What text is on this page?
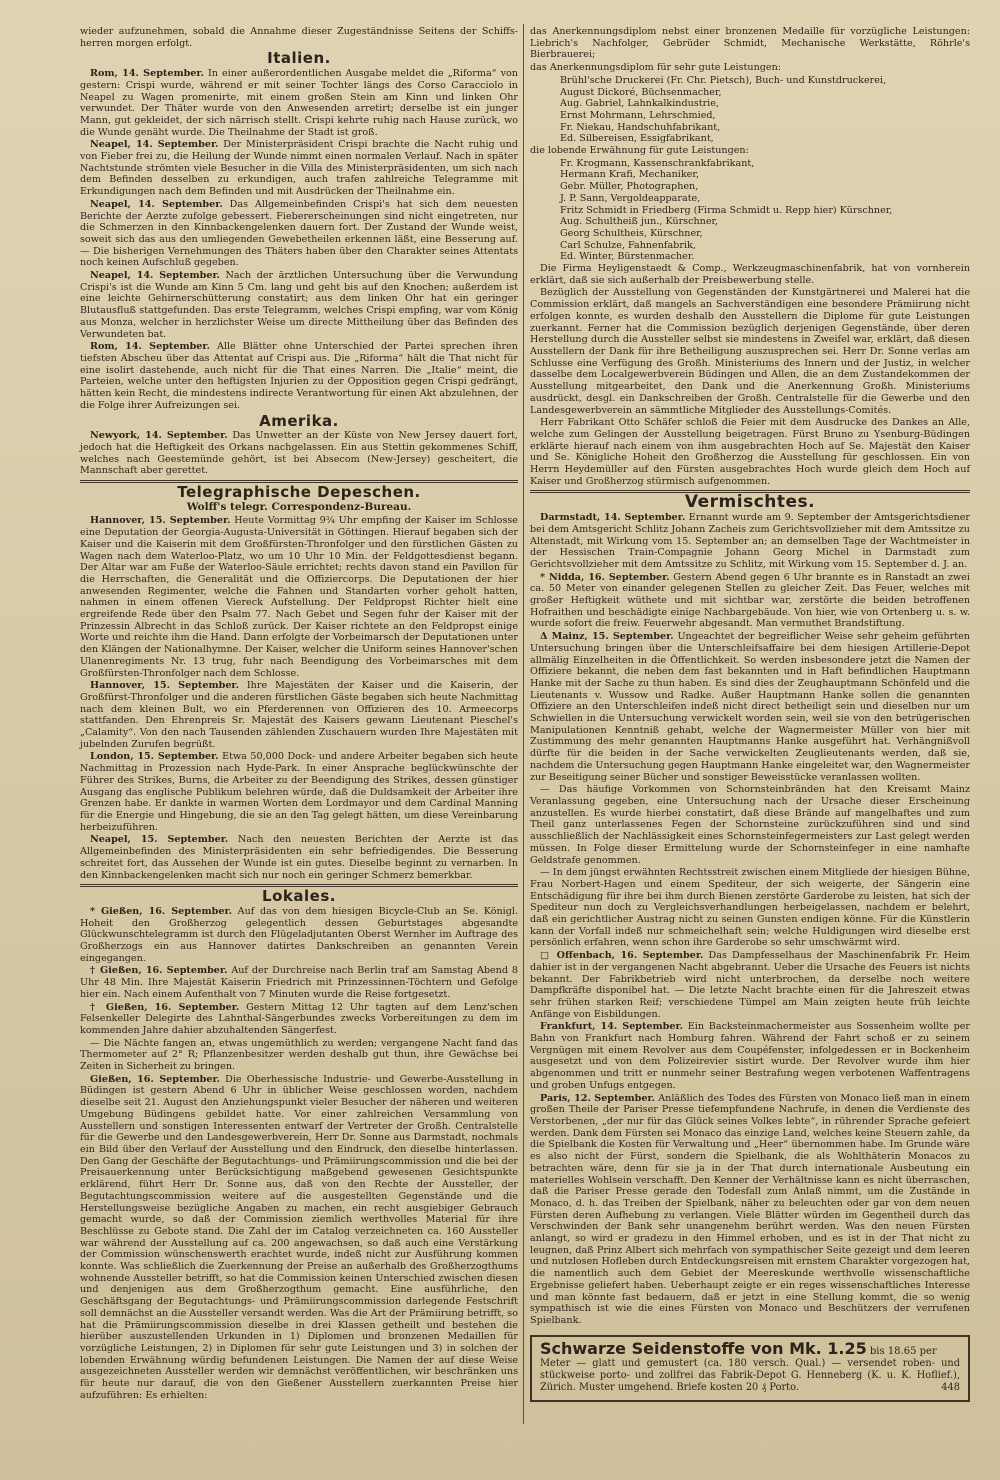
wieder aufzunehmen, sobald die Annahme dieser Zugeständnisse Seitens der Schiffs-herren morgen erfolgt.

Italien.

Rom, 14. September. In einer außerordentlichen Ausgabe meldet die „Riforma“ von gestern: Crispi wurde, während er mit seiner Tochter längs des Corso Caracciolo in Neapel zu Wagen promenirte, mit einem großen Stein am Kinn und linken Ohr verwundet. Der Thäter wurde von den Anwesenden arretirt; derselbe ist ein junger Mann, gut gekleidet, der sich närrisch stellt. Crispi kehrte ruhig nach Hause zurück, wo die Wunde genäht wurde. Die Theilnahme der Stadt ist groß.

Neapel, 14. September. Der Ministerpräsident Crispi brachte die Nacht ruhig und von Fieber frei zu, die Heilung der Wunde nimmt einen normalen Verlauf. Nach in später Nachtstunde strömten viele Besucher in die Villa des Ministerpräsidenten, um sich nach dem Befinden desselben zu erkundigen, auch trafen zahlreiche Telegramme mit Erkundigungen nach dem Befinden und mit Ausdrücken der Theilnahme ein.

Neapel, 14. September. Das Allgemeinbefinden Crispi's hat sich dem neuesten Berichte der Aerzte zufolge gebessert. Fiebererscheinungen sind nicht eingetreten, nur die Schmerzen in den Kinnbackengelenken dauern fort. Der Zustand der Wunde weist, soweit sich das aus den umliegenden Gewebetheilen erkennen läßt, eine Besserung auf. — Die bisherigen Vernehmungen des Thäters haben über den Charakter seines Attentats noch keinen Aufschluß gegeben.

Neapel, 14. September. Nach der ärztlichen Untersuchung über die Verwundung Crispi's ist die Wunde am Kinn 5 Cm. lang und geht bis auf den Knochen; außerdem ist eine leichte Gehirnerschütterung constatirt; aus dem linken Ohr hat ein geringer Blutausfluß stattgefunden. Das erste Telegramm, welches Crispi empfing, war vom König aus Monza, welcher in herzlichster Weise um directe Mittheilung über das Befinden des Verwundeten bat.

Rom, 14. September. Alle Blätter ohne Unterschied der Partei sprechen ihren tiefsten Abscheu über das Attentat auf Crispi aus. Die „Riforma“ hält die That nicht für eine isolirt dastehende, auch nicht für die That eines Narren. Die „Italie“ meint, die Parteien, welche unter den heftigsten Injurien zu der Opposition gegen Crispi gedrängt, hätten kein Recht, die mindestens indirecte Verantwortung für einen Akt abzulehnen, der die Folge ihrer Aufreizungen sei.

Amerika.

Newyork, 14. September. Das Unwetter an der Küste von New Jersey dauert fort, jedoch hat die Heftigkeit des Orkans nachgelassen. Ein aus Stettin gekommenes Schiff, welches nach Geestemünde gehört, ist bei Absecom (New-Jersey) gescheitert, die Mannschaft aber gerettet.

Telegraphische Depeschen.
Wolff's telegr. Correspondenz-Bureau.

Hannover, 15. September. Heute Vormittag 9¾ Uhr empfing der Kaiser im Schlosse eine Deputation der Georgia-Augusta-Universität in Göttingen. Hierauf begaben sich der Kaiser und die Kaiserin mit dem Großfürsten-Thronfolger und den fürstlichen Gästen zu Wagen nach dem Waterloo-Platz, wo um 10 Uhr 10 Min. der Feldgottesdienst begann. Der Altar war am Fuße der Waterloo-Säule errichtet; rechts davon stand ein Pavillon für die Herrschaften, die Generalität und die Offiziercorps. Die Deputationen der hier anwesenden Regimenter, welche die Fahnen und Standarten vorher geholt hatten, nahmen in einem offenen Viereck Aufstellung. Der Feldpropst Richter hielt eine ergreifende Rede über den Psalm 77. Nach Gebet und Segen fuhr der Kaiser mit der Prinzessin Albrecht in das Schloß zurück. Der Kaiser richtete an den Feldpropst einige Worte und reichte ihm die Hand. Dann erfolgte der Vorbeimarsch der Deputationen unter den Klängen der Nationalhymne. Der Kaiser, welcher die Uniform seines Hannover'schen Ulanenregiments Nr. 13 trug, fuhr nach Beendigung des Vorbeimarsches mit dem Großfürsten-Thronfolger nach dem Schlosse.

Hannover, 15. September. Ihre Majestäten der Kaiser und die Kaiserin, der Großfürst-Thronfolger und die anderen fürstlichen Gäste begaben sich heute Nachmittag nach dem kleinen Bult, wo ein Pferderennen von Offizieren des 10. Armeecorps stattfanden. Den Ehrenpreis Sr. Majestät des Kaisers gewann Lieutenant Pieschel's „Calamity“. Von den nach Tausenden zählenden Zuschauern wurden Ihre Majestäten mit jubelnden Zurufen begrüßt.

London, 15. September. Etwa 50,000 Dock- und andere Arbeiter begaben sich heute Nachmittag in Prozession nach Hyde-Park. In einer Ansprache beglückwünschte der Führer des Strikes, Burns, die Arbeiter zu der Beendigung des Strikes, dessen günstiger Ausgang das englische Publikum belehren würde, daß die Duldsamkeit der Arbeiter ihre Grenzen habe. Er dankte in warmen Worten dem Lordmayor und dem Cardinal Manning für die Energie und Hingebung, die sie an den Tag gelegt hätten, um diese Vereinbarung herbeizuführen.

Neapel, 15. September. Nach den neuesten Berichten der Aerzte ist das Allgemeinbefinden des Ministerpräsidenten ein sehr befriedigendes. Die Besserung schreitet fort, das Aussehen der Wunde ist ein gutes. Dieselbe beginnt zu vernarben. In den Kinnbackengelenken macht sich nur noch ein geringer Schmerz bemerkbar.

Lokales.

* Gießen, 16. September. Auf das von dem hiesigen Bicycle-Club an Se. Königl. Hoheit den Großherzog gelegentlich dessen Geburtstages abgesandte Glückwunschtelegramm ist durch den Flügeladjutanten Oberst Wernher im Auftrage des Großherzogs ein aus Hannover datirtes Dankschreiben an genannten Verein eingegangen.

† Gießen, 16. September. Auf der Durchreise nach Berlin traf am Samstag Abend 8 Uhr 48 Min. Ihre Majestät Kaiserin Friedrich mit Prinzessinnen-Töchtern und Gefolge hier ein. Nach einem Aufenthalt von 7 Minuten wurde die Reise fortgesetzt.

† Gießen, 16. September. Gestern Mittag 12 Uhr tagten auf dem Lenz'schen Felsenkeller Delegirte des Lahnthal-Sängerbundes zwecks Vorbereitungen zu dem im kommenden Jahre dahier abzuhaltenden Sängerfest.

— Die Nächte fangen an, etwas ungemüthlich zu werden; vergangene Nacht fand das Thermometer auf 2° R; Pflanzenbesitzer werden deshalb gut thun, ihre Gewächse bei Zeiten in Sicherheit zu bringen.

Gießen, 16. September. Die Oberhessische Industrie- und Gewerbe-Ausstellung in Büdingen ist gestern Abend 6 Uhr in üblicher Weise geschlossen worden, nachdem dieselbe seit 21. August den Anziehungspunkt vieler Besucher der näheren und weiteren Umgebung Büdingens gebildet hatte. Vor einer zahlreichen Versammlung von Ausstellern und sonstigen Interessenten entwarf der Vertreter der Großh. Centralstelle für die Gewerbe und den Landesgewerbverein, Herr Dr. Sonne aus Darmstadt, nochmals ein Bild über den Verlauf der Ausstellung und den Eindruck, den dieselbe hinterlassen. Den Gang der Geschäfte der Begutachtungs- und Prämiirungscommission und die bei der Preisauerkennung unter Berücksichtigung maßgebend gewesenen Gesichtspunkte erklärend, führt Herr Dr. Sonne aus, daß von den Rechte der Aussteller, der Begutachtungscommission weitere auf die ausgestellten Gegenstände und die Herstellungsweise bezügliche Angaben zu machen, ein recht ausgiebiger Gebrauch gemacht wurde, so daß der Commission ziemlich werthvolles Material für ihre Beschlüsse zu Gebote stand. Die Zahl der im Catalog verzeichneten ca. 160 Aussteller war während der Ausstellung auf ca. 200 angewachsen, so daß auch eine Verstärkung der Commission wünschenswerth erachtet wurde, indeß nicht zur Ausführung kommen konnte. Was schließlich die Zuerkennung der Preise an außerhalb des Großherzogthums wohnende Aussteller betrifft, so hat die Commission keinen Unterschied zwischen diesen und denjenigen aus dem Großherzogthum gemacht. Eine ausführliche, den Geschäftsgang der Begutachtungs- und Prämiirungscommission darlegende Festschrift soll demnächst an die Aussteller versandt werden. Was die Art der Prämiirung betrifft, so hat die Prämiirungscommission dieselbe in drei Klassen getheilt und bestehen die hierüber auszustellenden Urkunden in 1) Diplomen und bronzenen Medaillen für vorzügliche Leistungen, 2) in Diplomen für sehr gute Leistungen und 3) in solchen der lobenden Erwähnung würdig befundenen Leistungen. Die Namen der auf diese Weise ausgezeichneten Aussteller werden wir demnächst veröffentlichen, wir beschränken uns für heute nur darauf, die von den Gießener Ausstellern zuerkannten Preise hier aufzuführen: Es erhielten:

das Anerkennungsdiplom nebst einer bronzenen Medaille für vorzügliche Leistungen: Liebrich's Nachfolger, Gebrüder Schmidt, Mechanische Werkstätte, Röhrle's Bierbrauerei;

das Anerkennungsdiplom für sehr gute Leistungen:

Brühl'sche Druckerei (Fr. Chr. Pietsch), Buch- und Kunstdruckerei,
August Dickoré, Büchsenmacher,
Aug. Gabriel, Lahnkalkindustrie,
Ernst Mohrmann, Lehrschmied,
Fr. Niekau, Handschuhfabrikant,
Ed. Silbereisen, Essigfabrikant,

die lobende Erwähnung für gute Leistungen:

Fr. Krogmann, Kassenschrankfabrikant,
Hermann Krafi, Mechaniker,
Gebr. Müller, Photographen,
J. P. Sann, Vergoldeapparate,
Fritz Schmidt in Friedberg (Firma Schmidt u. Repp hier) Kürschner,
Aug. Schultheiß jun., Kürschner,
Georg Schultheis, Kürschner,
Carl Schulze, Fahnenfabrik,
Ed. Winter, Bürstenmacher.

Die Firma Heyligenstaedt & Comp., Werkzeugmaschinenfabrik, hat von vornherein erklärt, daß sie sich außerhalb der Preisbewerbung stelle.

Bezüglich der Ausstellung von Gegenständen der Kunstgärtnerei und Malerei hat die Commission erklärt, daß mangels an Sachverständigen eine besondere Prämiirung nicht erfolgen konnte, es wurden deshalb den Ausstellern die Diplome für gute Leistungen zuerkannt. Ferner hat die Commission bezüglich derjenigen Gegenstände, über deren Herstellung durch die Aussteller selbst sie mindestens in Zweifel war, erklärt, daß diesen Ausstellern der Dank für ihre Betheiligung auszusprechen sei. Herr Dr. Sonne verlas am Schlusse eine Verfügung des Großh. Ministeriums des Innern und der Justiz, in welcher dasselbe dem Localgewerbverein Büdingen und Allen, die an dem Zustandekommen der Ausstellung mitgearbeitet, den Dank und die Anerkennung Großh. Ministeriums ausdrückt, desgl. ein Dankschreiben der Großh. Centralstelle für die Gewerbe und den Landesgewerbverein an sämmtliche Mitglieder des Ausstellungs-Comités.

Herr Fabrikant Otto Schäfer schloß die Feier mit dem Ausdrucke des Dankes an Alle, welche zum Gelingen der Ausstellung beigetragen. Fürst Bruno zu Ysenburg-Büdingen erklärte hierauf nach einem von ihm ausgebrachten Hoch auf Se. Majestät den Kaiser und Se. Königliche Hoheit den Großherzog die Ausstellung für geschlossen. Ein von Herrn Heydemüller auf den Fürsten ausgebrachtes Hoch wurde gleich dem Hoch auf Kaiser und Großherzog stürmisch aufgenommen.

Vermischtes.

Darmstadt, 14. September. Ernannt wurde am 9. September der Amtsgerichtsdiener bei dem Amtsgericht Schlitz Johann Zacheis zum Gerichtsvollzieher mit dem Amtssitze zu Altenstadt, mit Wirkung vom 15. September an; an demselben Tage der Wachtmeister in der Hessischen Train-Compagnie Johann Georg Michel in Darmstadt zum Gerichtsvollzieher mit dem Amtssitze zu Schlitz, mit Wirkung vom 15. September d. J. an.

* Nidda, 16. September. Gestern Abend gegen 6 Uhr brannte es in Ranstadt an zwei ca. 50 Meter von einander gelegenen Stellen zu gleicher Zeit. Das Feuer, welches mit großer Heftigkeit wüthete und mit sichtbar war, zerstörte die beiden betroffenen Hofraithen und beschädigte einige Nachbargebäude. Von hier, wie von Ortenberg u. s. w. wurde sofort die freiw. Feuerwehr abgesandt. Man vermuthet Brandstiftung.

Δ Mainz, 15. September. Ungeachtet der begreiflicher Weise sehr geheim geführten Untersuchung bringen über die Unterschleifsaffaire bei dem hiesigen Artillerie-Depot allmälig Einzelheiten in die Öffentlichkeit. So werden insbesondere jetzt die Namen der Offiziere bekannt, die neben dem fast bekannten und in Haft befindlichen Hauptmann Hanke mit der Sache zu thun haben. Es sind dies der Zeughauptmann Schönfeld und die Lieutenants v. Wussow und Radke. Außer Hauptmann Hanke sollen die genannten Offiziere an den Unterschleifen indeß nicht direct betheiligt sein und dieselben nur um Schwiellen in die Untersuchung verwickelt worden sein, weil sie von den betrügerischen Manipulationen Kenntniß gehabt, welche der Wagnermeister Müller von hier mit Zustimmung des mehr genannten Hauptmanns Hanke ausgeführt hat. Verhängnißvoll dürfte für die beiden in der Sache verwickelten Zeuglieutenants werden, daß sie, nachdem die Untersuchung gegen Hauptmann Hanke eingeleitet war, den Wagnermeister zur Beseitigung seiner Bücher und sonstiger Beweisstücke veranlassen wollten.

— Das häufige Vorkommen von Schornsteinbränden hat den Kreisamt Mainz Veranlassung gegeben, eine Untersuchung nach der Ursache dieser Erscheinung anzustellen. Es wurde hierbei constatirt, daß diese Brände auf mangelhaftes und zum Theil ganz unterlassenes Fegen der Schornsteine zurückzuführen sind und sind ausschließlich der Nachlässigkeit eines Schornsteinfegermeisters zur Last gelegt werden müssen. In Folge dieser Ermittelung wurde der Schornsteinfeger in eine namhafte Geldstrafe genommen.

— In dem jüngst erwähnten Rechtsstreit zwischen einem Mitgliede der hiesigen Bühne, Frau Norbert-Hagen und einem Spediteur, der sich weigerte, der Sängerin eine Entschädigung für ihre bei ihm durch Bienen zerstörte Garderobe zu leisten, hat sich der Spediteur nun doch zu Vergleichsverhandlungen herbeigelassen, nachdem er belehrt, daß ein gerichtlicher Austrag nicht zu seinen Gunsten endigen könne. Für die Künstlerin kann der Vorfall indeß nur schmeichelhaft sein; welche Huldigungen wird dieselbe erst persönlich erfahren, wenn schon ihre Garderobe so sehr umschwärmt wird.

□ Offenbach, 16. September. Das Dampfesselhaus der Maschinenfabrik Fr. Heim dahier ist in der vergangenen Nacht abgebrannt. Ueber die Ursache des Feuers ist nichts bekannt. Der Fabrikbetrieb wird nicht unterbrochen, da derselbe noch weitere Dampfkräfte disponibel hat. — Die letzte Nacht brachte einen für die Jahreszeit etwas sehr frühen starken Reif; verschiedene Tümpel am Main zeigten heute früh leichte Anfänge von Eisbildungen.

Frankfurt, 14. September. Ein Backsteinmachermeister aus Sossenheim wollte per Bahn von Frankfurt nach Homburg fahren. Während der Fahrt schoß er zu seinem Vergnügen mit einem Revolver aus dem Coupéfenster, infolgedessen er in Bockenheim ausgesetzt und von dem Polizeirevier sistirt wurde. Der Revolver wurde ihm hier abgenommen und tritt er nunmehr seiner Bestrafung wegen verbotenen Waffentragens und groben Unfugs entgegen.

Paris, 12. September. Anläßlich des Todes des Fürsten von Monaco ließ man in einem großen Theile der Pariser Presse tiefempfundene Nachrufe, in denen die Verdienste des Verstorbenen, „der nur für das Glück seines Volkes lebte“, in rührender Sprache gefeiert werden. Dank dem Fürsten sei Monaco das einzige Land, welches keine Steuern zahle, da die Spielbank die Kosten für Verwaltung und „Heer“ übernommen habe. Im Grunde wäre es also nicht der Fürst, sondern die Spielbank, die als Wohlthäterin Monacos zu betrachten wäre, denn für sie ja in der That durch internationale Ausbeutung ein materielles Wohlsein verschafft. Den Kenner der Verhältnisse kann es nicht überraschen, daß die Pariser Presse gerade den Todesfall zum Anlaß nimmt, um die Zustände in Monaco, d. h. das Treiben der Spielbank, näher zu beleuchten oder gar von dem neuen Fürsten deren Aufhebung zu verlangen. Viele Blätter würden im Gegentheil durch das Verschwinden der Bank sehr unangenehm berührt werden. Was den neuen Fürsten anlangt, so wird er gradezu in den Himmel erhoben, und es ist in der That nicht zu leugnen, daß Prinz Albert sich mehrfach von sympathischer Seite gezeigt und dem leeren und nutzlosen Hofleben durch Entdeckungsreisen mit ernstem Charakter vorgezogen hat, die namentlich auch dem Gebiet der Meereskunde werthvolle wissenschaftliche Ergebnisse geliefert haben. Ueberhaupt zeigte er ein reges wissenschaftliches Interesse und man könnte fast bedauern, daß er jetzt in eine Stellung kommt, die so wenig sympathisch ist wie die eines Fürsten von Monaco und Beschützers der verrufenen Spielbank.

Schwarze Seidenstoffe von Mk. 1.25 bis 18.65 per
Meter — glatt und gemustert (ca. 180 versch. Qual.) — versendet roben- und stückweise porto- und zollfrei das Fabrik-Depot G. Henneberg (K. u. K. Hoflief.), Zürich. Muster umgehend. Briefe kosten 20 ₰ Porto.	448
